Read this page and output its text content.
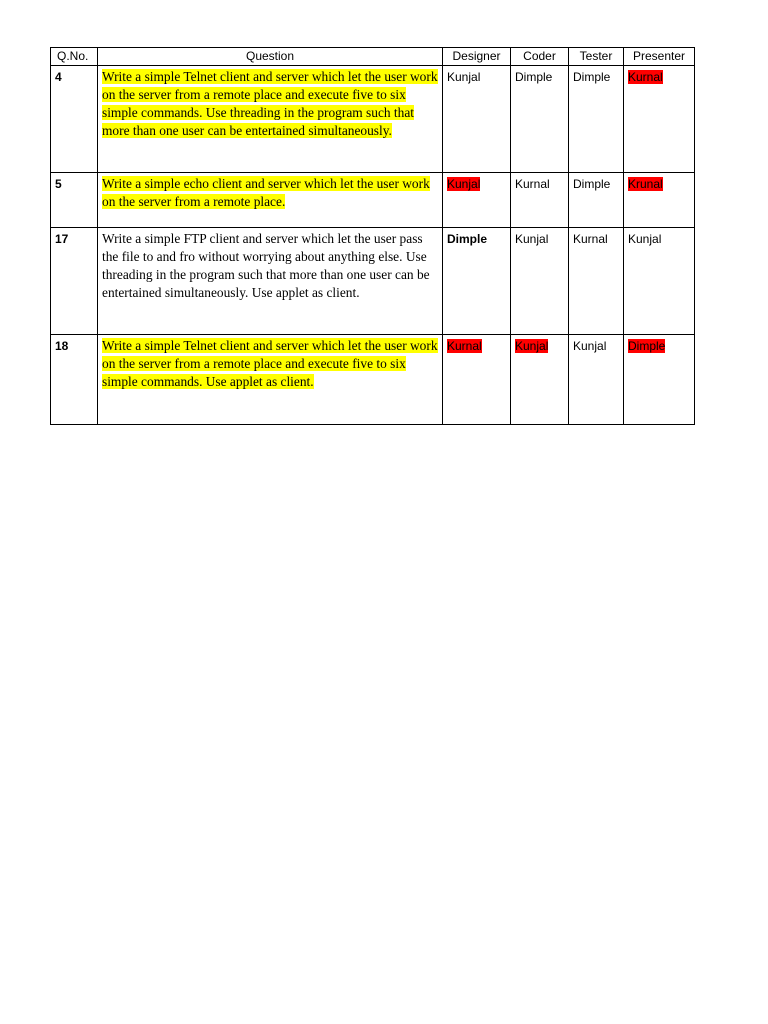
Q.No.	Question	Designer	Coder	Tester	Presenter
4	Write a simple Telnet client and server which let the user work on the server from a remote place and execute five to six simple commands. Use threading in the program such that more than one user can be entertained simultaneously.	Kunjal	Dimple	Dimple	Kurnal
5	Write a simple echo client and server which let the user work on the server from a remote place.	Kunjal	Kurnal	Dimple	Krunal
17	Write a simple FTP client and server which let the user pass the file to and fro without worrying about anything else. Use threading in the program such that more than one user can be entertained simultaneously. Use applet as client.	Dimple	Kunjal	Kurnal	Kunjal
18	Write a simple Telnet client and server which let the user work on the server from a remote place and execute five to six simple commands. Use applet as client.	Kurnal	Kunjal	Kunjal	Dimple
